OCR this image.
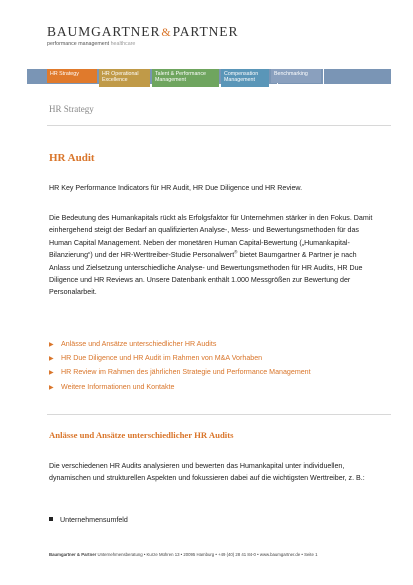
BAUMGARTNER&PARTNER
performance management healthcare
HR Strategy	HR Operational
Excellence
Talent & Performance
Management
Compensation
Management
Benchmarking
HR Strategy
HR Audit

HR Key Performance Indicators für HR Audit, HR Due Diligence und HR Review.

Die Bedeutung des Humankapitals rückt als Erfolgsfaktor für Unternehmen stärker in den Fokus. Damit einhergehend steigt der Bedarf an qualifizierten Analyse-, Mess- und Bewertungsmethoden für das Human Capital Management. Neben der monetären Human Capital-Bewertung („Humankapital-Bilanzierung“) und der HR-Werttreiber-Studie Personalwert® bietet Baumgartner & Partner je nach Anlass und Zielsetzung unterschiedliche Analyse- und Bewertungsmethoden für HR Audits, HR Due Diligence und HR Reviews an. Unsere Datenbank enthält 1.000 Messgrößen zur Bewertung der Personalarbeit.

▶ Anlässe und Ansätze unterschiedlicher HR Audits
▶ HR Due Diligence und HR Audit im Rahmen von M&A Vorhaben
▶ HR Review im Rahmen des jährlichen Strategie und Performance Management
▶ Weitere Informationen und Kontakte
Anlässe und Ansätze unterschiedlicher HR Audits

Die verschiedenen HR Audits analysieren und bewerten das Humankapital unter individuellen, dynamischen und strukturellen Aspekten und fokussieren dabei auf die wichtigsten Werttreiber, z. B.:

Unternehmensumfeld
Baumgartner & Partner Unternehmensberatung • Kurze Mühren 13 • 20095 Hamburg • +49 (40) 28 41 84-0 • www.baumgartner.de • Seite 1
